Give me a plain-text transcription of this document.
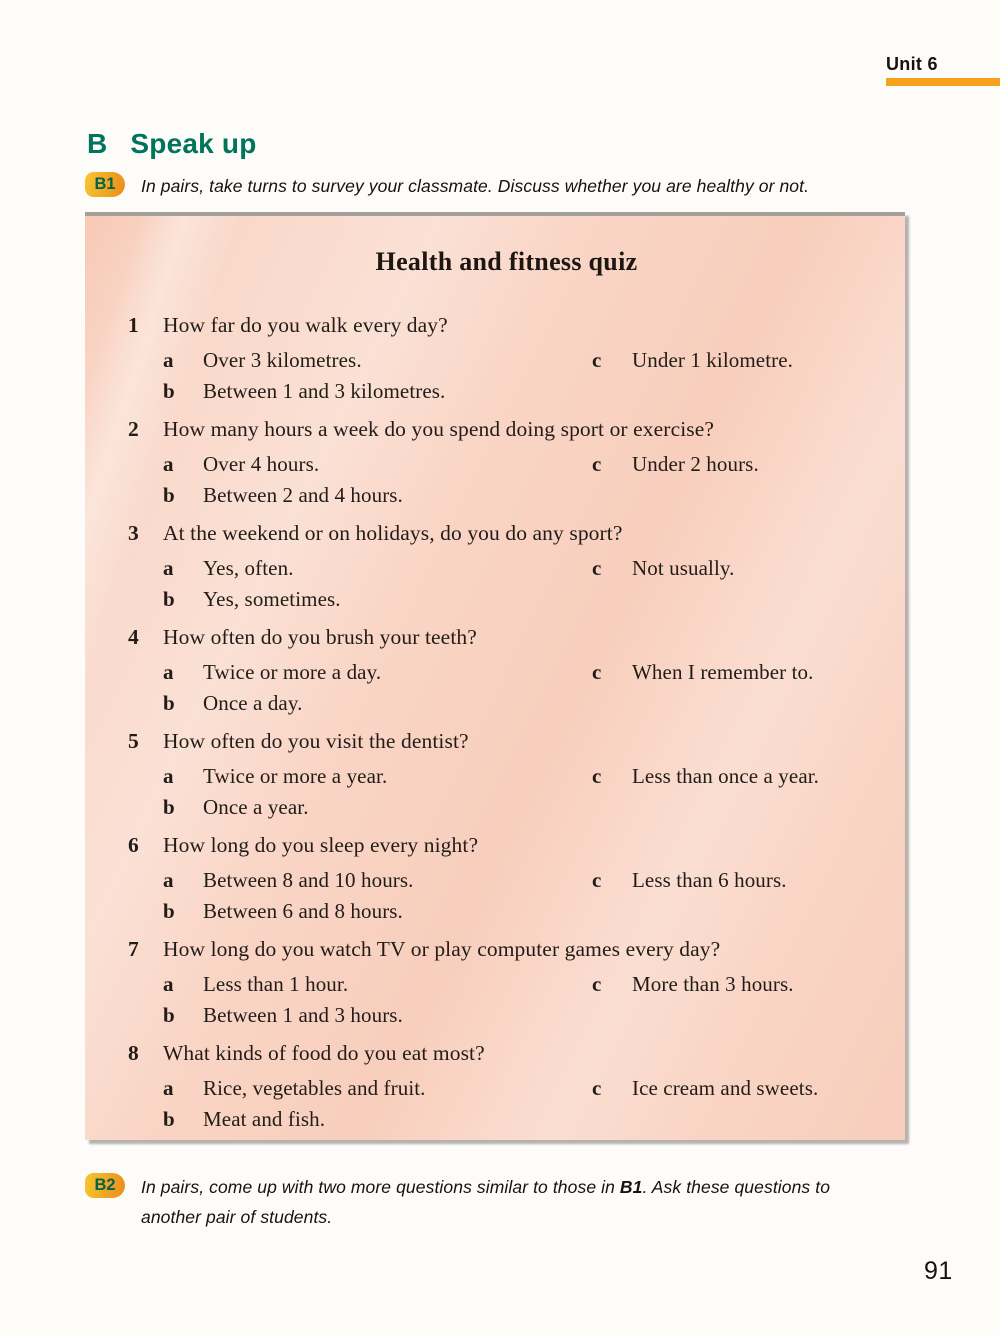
Unit 6
B Speak up
B1	In pairs, take turns to survey your classmate. Discuss whether you are healthy or not.
Health and fitness quiz
1	How far do you walk every day?
a	Over 3 kilometres.
b	Between 1 and 3 kilometres.
c	Under 1 kilometre.
2	How many hours a week do you spend doing sport or exercise?
a	Over 4 hours.
b	Between 2 and 4 hours.
c	Under 2 hours.
3	At the weekend or on holidays, do you do any sport?
a	Yes, often.
b	Yes, sometimes.
c	Not usually.
4	How often do you brush your teeth?
a	Twice or more a day.
b	Once a day.
c	When I remember to.
5	How often do you visit the dentist?
a	Twice or more a year.
b	Once a year.
c	Less than once a year.
6	How long do you sleep every night?
a	Between 8 and 10 hours.
b	Between 6 and 8 hours.
c	Less than 6 hours.
7	How long do you watch TV or play computer games every day?
a	Less than 1 hour.
b	Between 1 and 3 hours.
c	More than 3 hours.
8	What kinds of food do you eat most?
a	Rice, vegetables and fruit.
b	Meat and fish.
c	Ice cream and sweets.
B2	In pairs, come up with two more questions similar to those in B1. Ask these questions to another pair of students.
91
